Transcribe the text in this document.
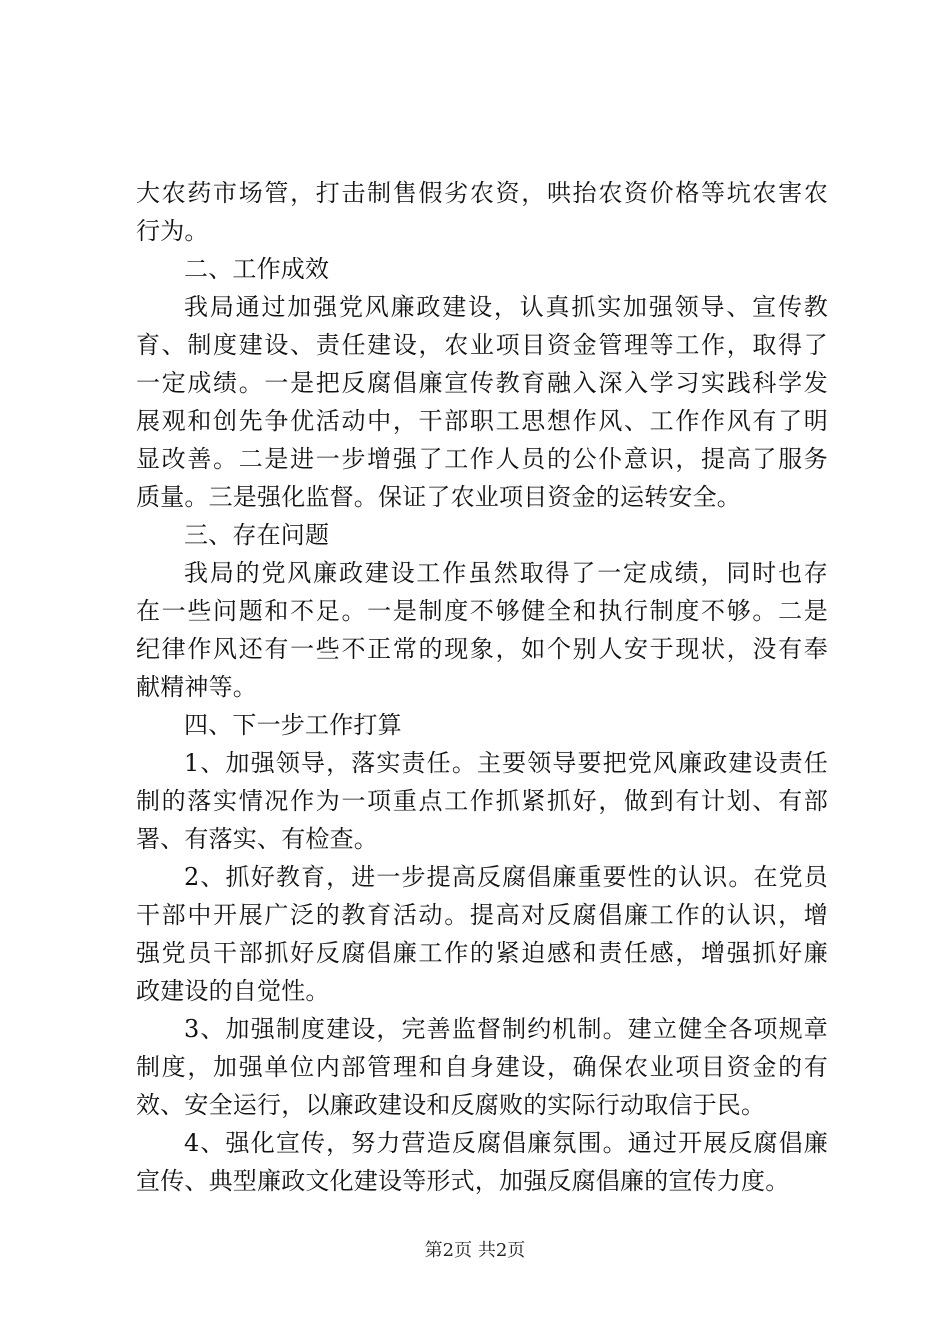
大农药市场管，打击制售假劣农资，哄抬农资价格等坑农害农
行为。
二、工作成效
我局通过加强党风廉政建设，认真抓实加强领导、宣传教
育、制度建设、责任建设，农业项目资金管理等工作，取得了
一定成绩。一是把反腐倡廉宣传教育融入深入学习实践科学发
展观和创先争优活动中，干部职工思想作风、工作作风有了明
显改善。二是进一步增强了工作人员的公仆意识，提高了服务
质量。三是强化监督。保证了农业项目资金的运转安全。
三、存在问题
我局的党风廉政建设工作虽然取得了一定成绩，同时也存
在一些问题和不足。一是制度不够健全和执行制度不够。二是
纪律作风还有一些不正常的现象，如个别人安于现状，没有奉
献精神等。
四、下一步工作打算
1、加强领导，落实责任。主要领导要把党风廉政建设责任
制的落实情况作为一项重点工作抓紧抓好，做到有计划、有部
署、有落实、有检查。
2、抓好教育，进一步提高反腐倡廉重要性的认识。在党员
干部中开展广泛的教育活动。提高对反腐倡廉工作的认识，增
强党员干部抓好反腐倡廉工作的紧迫感和责任感，增强抓好廉
政建设的自觉性。
3、加强制度建设，完善监督制约机制。建立健全各项规章
制度，加强单位内部管理和自身建设，确保农业项目资金的有
效、安全运行，以廉政建设和反腐败的实际行动取信于民。
4、强化宣传，努力营造反腐倡廉氛围。通过开展反腐倡廉
宣传、典型廉政文化建设等形式，加强反腐倡廉的宣传力度。
第2页 共2页
